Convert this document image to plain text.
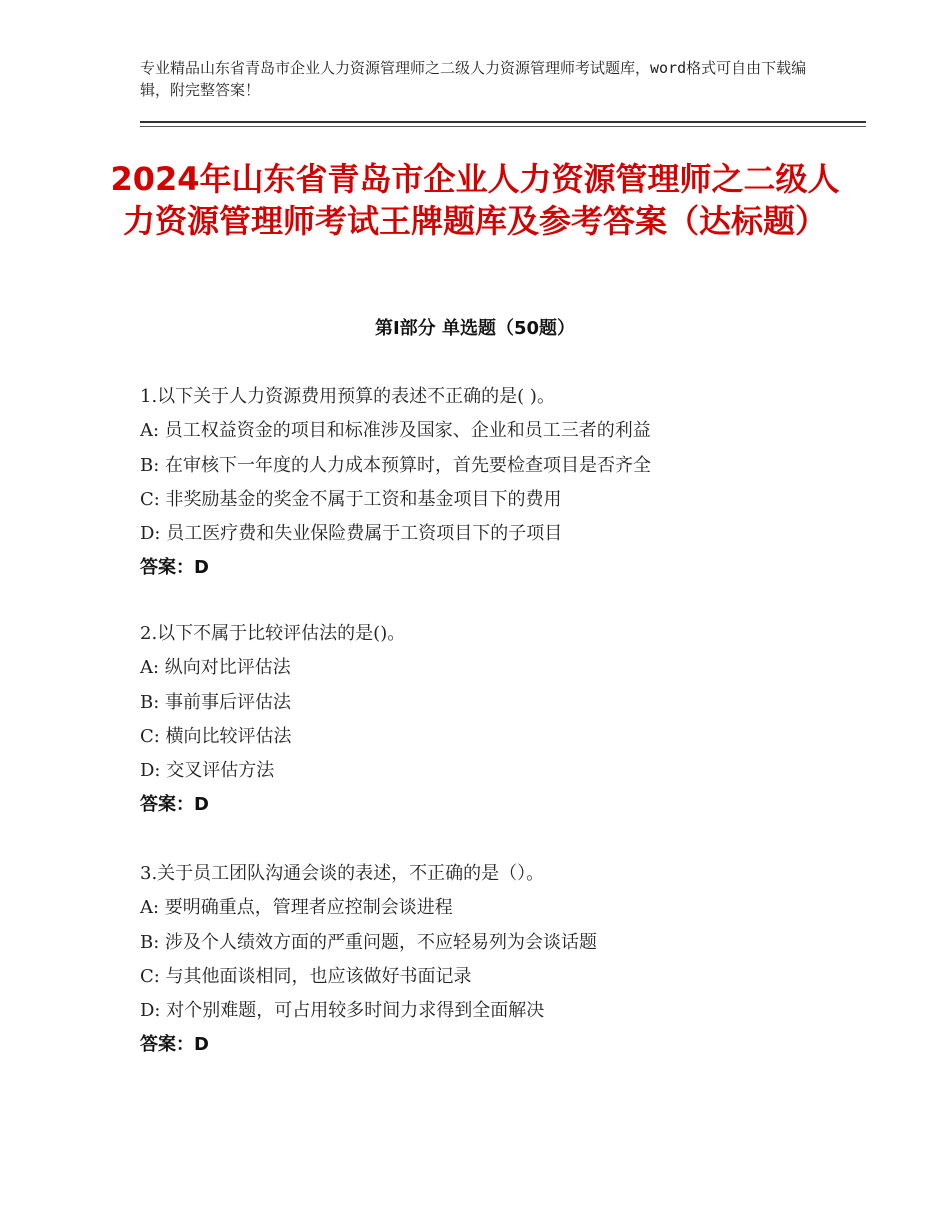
专业精品山东省青岛市企业人力资源管理师之二级人力资源管理师考试题库，word格式可自由下载编辑，附完整答案！
2024年山东省青岛市企业人力资源管理师之二级人力资源管理师考试王牌题库及参考答案（达标题）
第Ⅰ部分 单选题（50题）
1.以下关于人力资源费用预算的表述不正确的是( )。
A: 员工权益资金的项目和标准涉及国家、企业和员工三者的利益
B: 在审核下一年度的人力成本预算时，首先要检查项目是否齐全
C: 非奖励基金的奖金不属于工资和基金项目下的费用
D: 员工医疗费和失业保险费属于工资项目下的子项目
答案：D
2.以下不属于比较评估法的是()。
A: 纵向对比评估法
B: 事前事后评估法
C: 横向比较评估法
D: 交叉评估方法
答案：D
3.关于员工团队沟通会谈的表述，不正确的是（）。
A: 要明确重点，管理者应控制会谈进程
B: 涉及个人绩效方面的严重问题，不应轻易列为会谈话题
C: 与其他面谈相同，也应该做好书面记录
D: 对个别难题，可占用较多时间力求得到全面解决
答案：D
